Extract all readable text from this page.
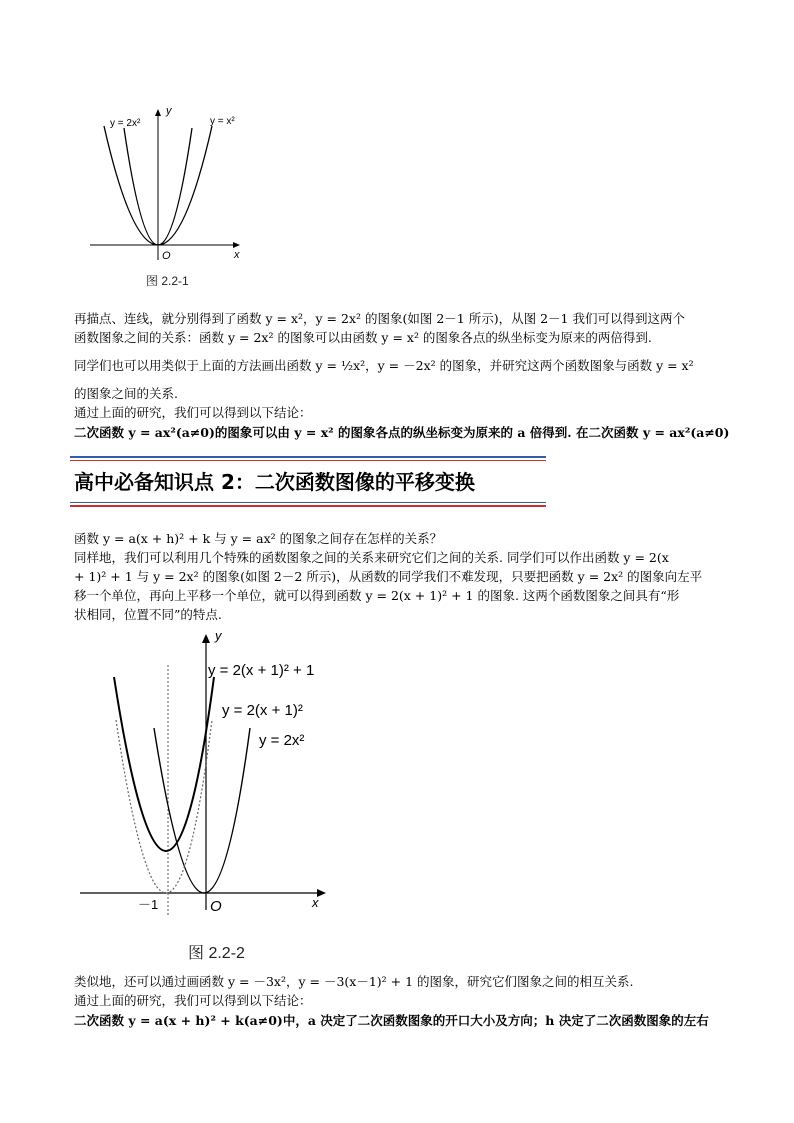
y = 2x²	y = x²
y
x
O
图 2.2-1
再描点、连线，就分别得到了函数 y = x²，y = 2x² 的图象(如图 2－1 所示)，从图 2－1 我们可以得到这两个
函数图象之间的关系：函数 y = 2x² 的图象可以由函数 y = x² 的图象各点的纵坐标变为原来的两倍得到.
同学们也可以用类似于上面的方法画出函数 y = ½x²，y = －2x² 的图象，并研究这两个函数图象与函数 y = x²
的图象之间的关系.
通过上面的研究，我们可以得到以下结论：
二次函数 y = ax²(a≠0)的图象可以由 y = x² 的图象各点的纵坐标变为原来的 a 倍得到. 在二次函数 y = ax²(a≠0)
高中必备知识点 2：二次函数图像的平移变换
函数 y = a(x + h)² + k 与 y = ax² 的图象之间存在怎样的关系？
同样地，我们可以利用几个特殊的函数图象之间的关系来研究它们之间的关系. 同学们可以作出函数 y = 2(x
+ 1)² + 1 与 y = 2x² 的图象(如图 2－2 所示)，从函数的同学我们不难发现，只要把函数 y = 2x² 的图象向左平
移一个单位，再向上平移一个单位，就可以得到函数 y = 2(x + 1)² + 1 的图象. 这两个函数图象之间具有“形
状相同，位置不同”的特点.
y = 2(x + 1)² + 1
y = 2(x + 1)²
y = 2x²
y
x
O
－1
图 2.2-2
类似地，还可以通过画函数 y = －3x²，y = －3(x－1)² + 1 的图象，研究它们图象之间的相互关系.
通过上面的研究，我们可以得到以下结论：
二次函数 y = a(x + h)² + k(a≠0)中，a 决定了二次函数图象的开口大小及方向；h 决定了二次函数图象的左右
